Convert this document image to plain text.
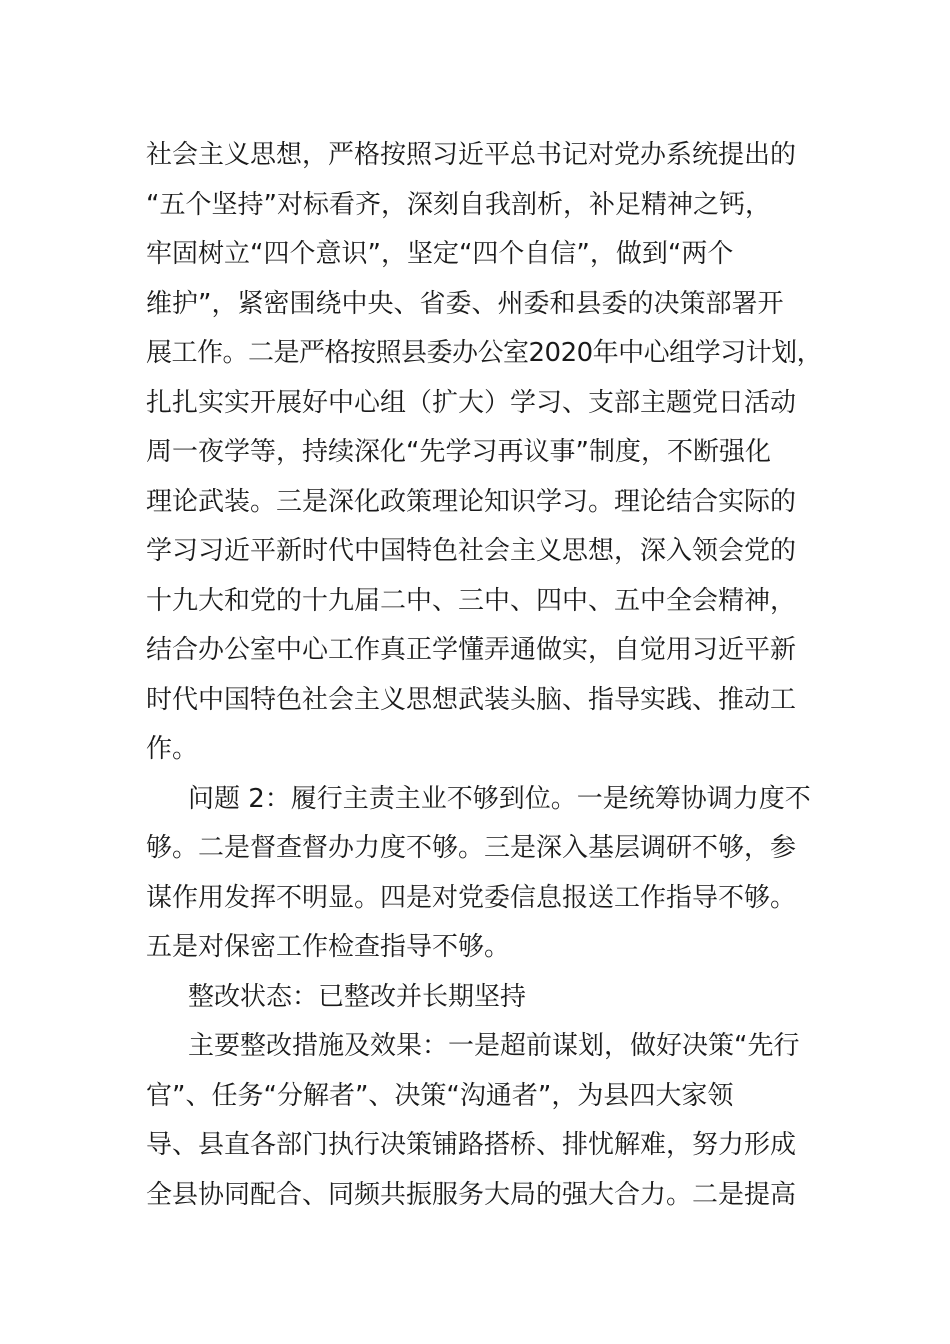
社会主义思想，严格按照习近平总书记对党办系统提出的
“五个坚持”对标看齐，深刻自我剖析，补足精神之钙，
牢固树立“四个意识”，坚定“四个自信”，做到“两个
维护”，紧密围绕中央、省委、州委和县委的决策部署开
展工作。二是严格按照县委办公室2020年中心组学习计划，
扎扎实实开展好中心组（扩大）学习、支部主题党日活动
周一夜学等，持续深化“先学习再议事”制度，不断强化
理论武装。三是深化政策理论知识学习。理论结合实际的
学习习近平新时代中国特色社会主义思想，深入领会党的
十九大和党的十九届二中、三中、四中、五中全会精神，
结合办公室中心工作真正学懂弄通做实，自觉用习近平新
时代中国特色社会主义思想武装头脑、指导实践、推动工
作。
问题 2：履行主责主业不够到位。一是统筹协调力度不
够。二是督查督办力度不够。三是深入基层调研不够，参
谋作用发挥不明显。四是对党委信息报送工作指导不够。
五是对保密工作检查指导不够。
整改状态：已整改并长期坚持
主要整改措施及效果：一是超前谋划，做好决策“先行
官”、任务“分解者”、决策“沟通者”，为县四大家领
导、县直各部门执行决策铺路搭桥、排忧解难，努力形成
全县协同配合、同频共振服务大局的强大合力。二是提高
